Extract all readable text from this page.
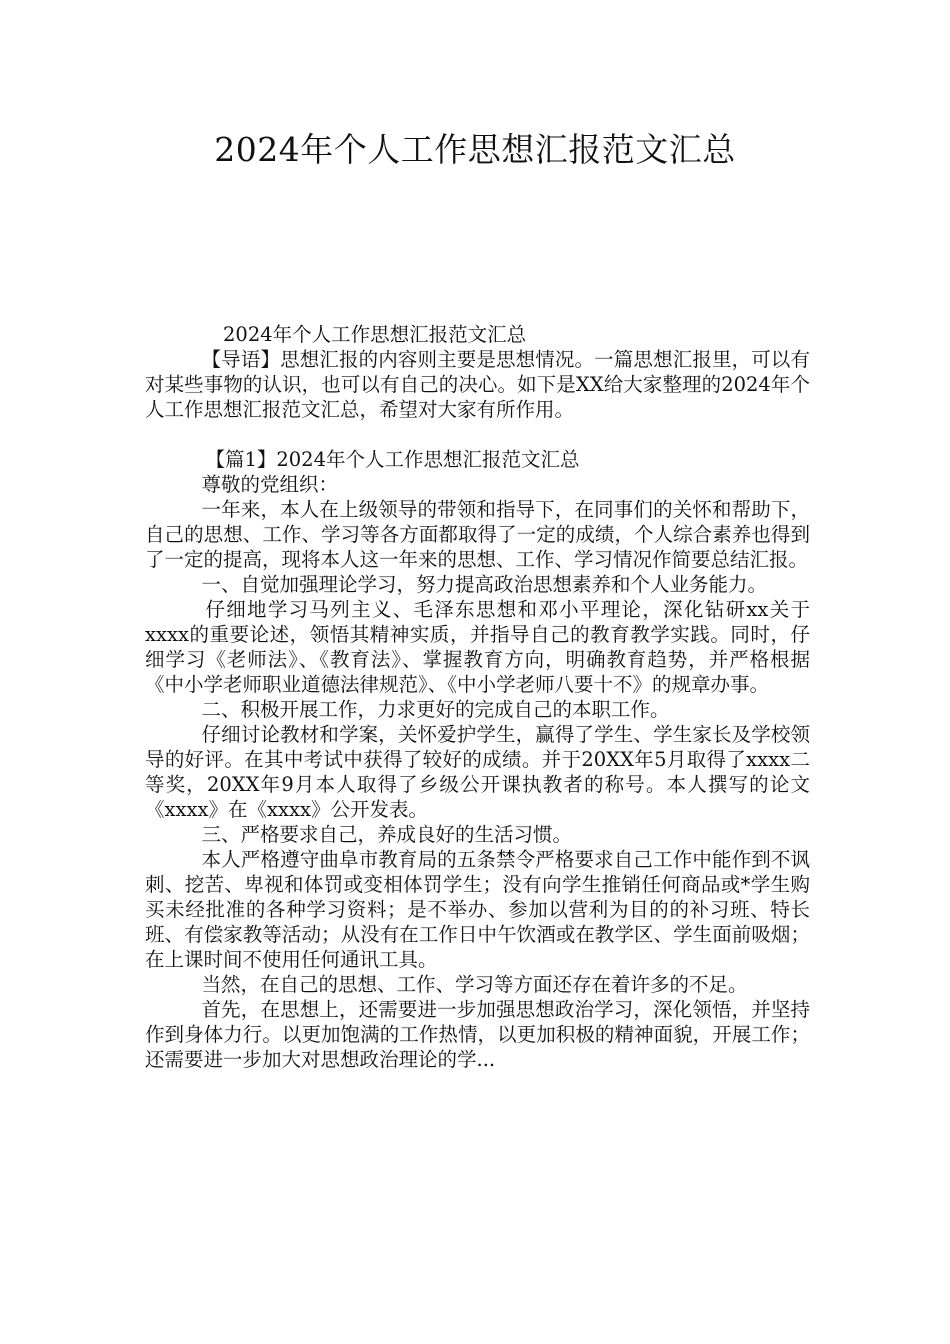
2024年个人工作思想汇报范文汇总

2024年个人工作思想汇报范文汇总

【导语】思想汇报的内容则主要是思想情况。一篇思想汇报里，可以有对某些事物的认识，也可以有自己的决心。如下是XX给大家整理的2024年个人工作思想汇报范文汇总，希望对大家有所作用。

【篇1】2024年个人工作思想汇报范文汇总

尊敬的党组织：

一年来，本人在上级领导的带领和指导下，在同事们的关怀和帮助下，自己的思想、工作、学习等各方面都取得了一定的成绩，个人综合素养也得到了一定的提高，现将本人这一年来的思想、工作、学习情况作简要总结汇报。

一、自觉加强理论学习，努力提高政治思想素养和个人业务能力。

仔细地学习马列主义、毛泽东思想和邓小平理论，深化钻研xx关于xxxx的重要论述，领悟其精神实质，并指导自己的教育教学实践。同时，仔细学习《老师法》、《教育法》、掌握教育方向，明确教育趋势，并严格根据《中小学老师职业道德法律规范》、《中小学老师八要十不》的规章办事。

二、积极开展工作，力求更好的完成自己的本职工作。

仔细讨论教材和学案，关怀爱护学生，赢得了学生、学生家长及学校领导的好评。在其中考试中获得了较好的成绩。并于20XX年5月取得了xxxx二等奖，20XX年9月本人取得了乡级公开课执教者的称号。本人撰写的论文《xxxx》在《xxxx》公开发表。

三、严格要求自己，养成良好的生活习惯。

本人严格遵守曲阜市教育局的五条禁令严格要求自己工作中能作到不讽刺、挖苦、卑视和体罚或变相体罚学生；没有向学生推销任何商品或*学生购买未经批准的各种学习资料；是不举办、参加以营利为目的的补习班、特长班、有偿家教等活动；从没有在工作日中午饮酒或在教学区、学生面前吸烟；在上课时间不使用任何通讯工具。

当然，在自己的思想、工作、学习等方面还存在着许多的不足。

首先，在思想上，还需要进一步加强思想政治学习，深化领悟，并坚持作到身体力行。以更加饱满的工作热情，以更加积极的精神面貌，开展工作；还需要进一步加大对思想政治理论的学...
